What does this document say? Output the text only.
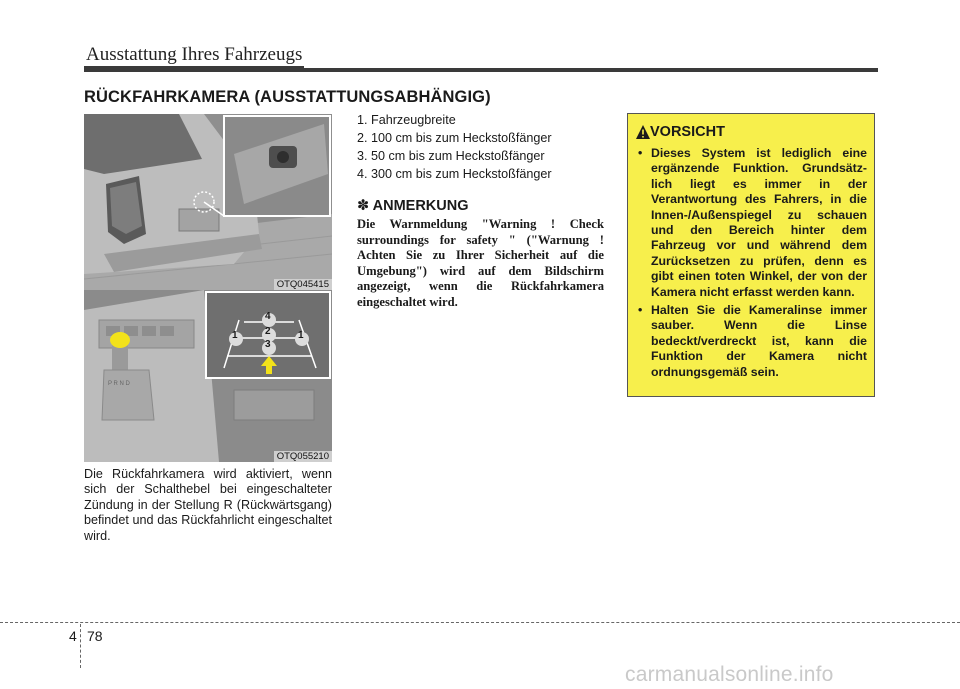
Ausstattung Ihres Fahrzeugs
RÜCKFAHRKAMERA (AUSSTATTUNGSABHÄNGIG)
OTQ045415
P R N D
4
2
1	1
3
OTQ055210
Die Rückfahrkamera wird aktiviert, wenn sich der Schalthebel bei eingeschalteter Zündung in der Stellung R (Rückwärtsgang) befindet und das Rückfahrlicht eingeschaltet wird.
1. Fahrzeugbreite
2. 100 cm bis zum Heckstoßfänger
3. 50 cm bis zum Heckstoßfänger
4. 300 cm bis zum Heckstoßfänger
✽ ANMERKUNG
Die Warnmeldung "Warning ! Check surroundings for safety " ("Warnung ! Achten Sie zu Ihrer Sicherheit auf die Umgebung") wird auf dem Bildschirm angezeigt, wenn die Rückfahrkamera eingeschaltet wird.
VORSICHT
• Dieses System ist lediglich eine ergänzende Funktion. Grundsätz-lich liegt es immer in der Verantwortung des Fahrers, in die Innen-/Außenspiegel zu schauen und den Bereich hinter dem Fahrzeug vor und während dem Zurücksetzen zu prüfen, denn es gibt einen toten Winkel, der von der Kamera nicht erfasst werden kann.
• Halten Sie die Kameralinse immer sauber. Wenn die Linse bedeckt/verdreckt ist, kann die Funktion der Kamera nicht ordnungsgemäß sein.
4 78
carmanualsonline.info
